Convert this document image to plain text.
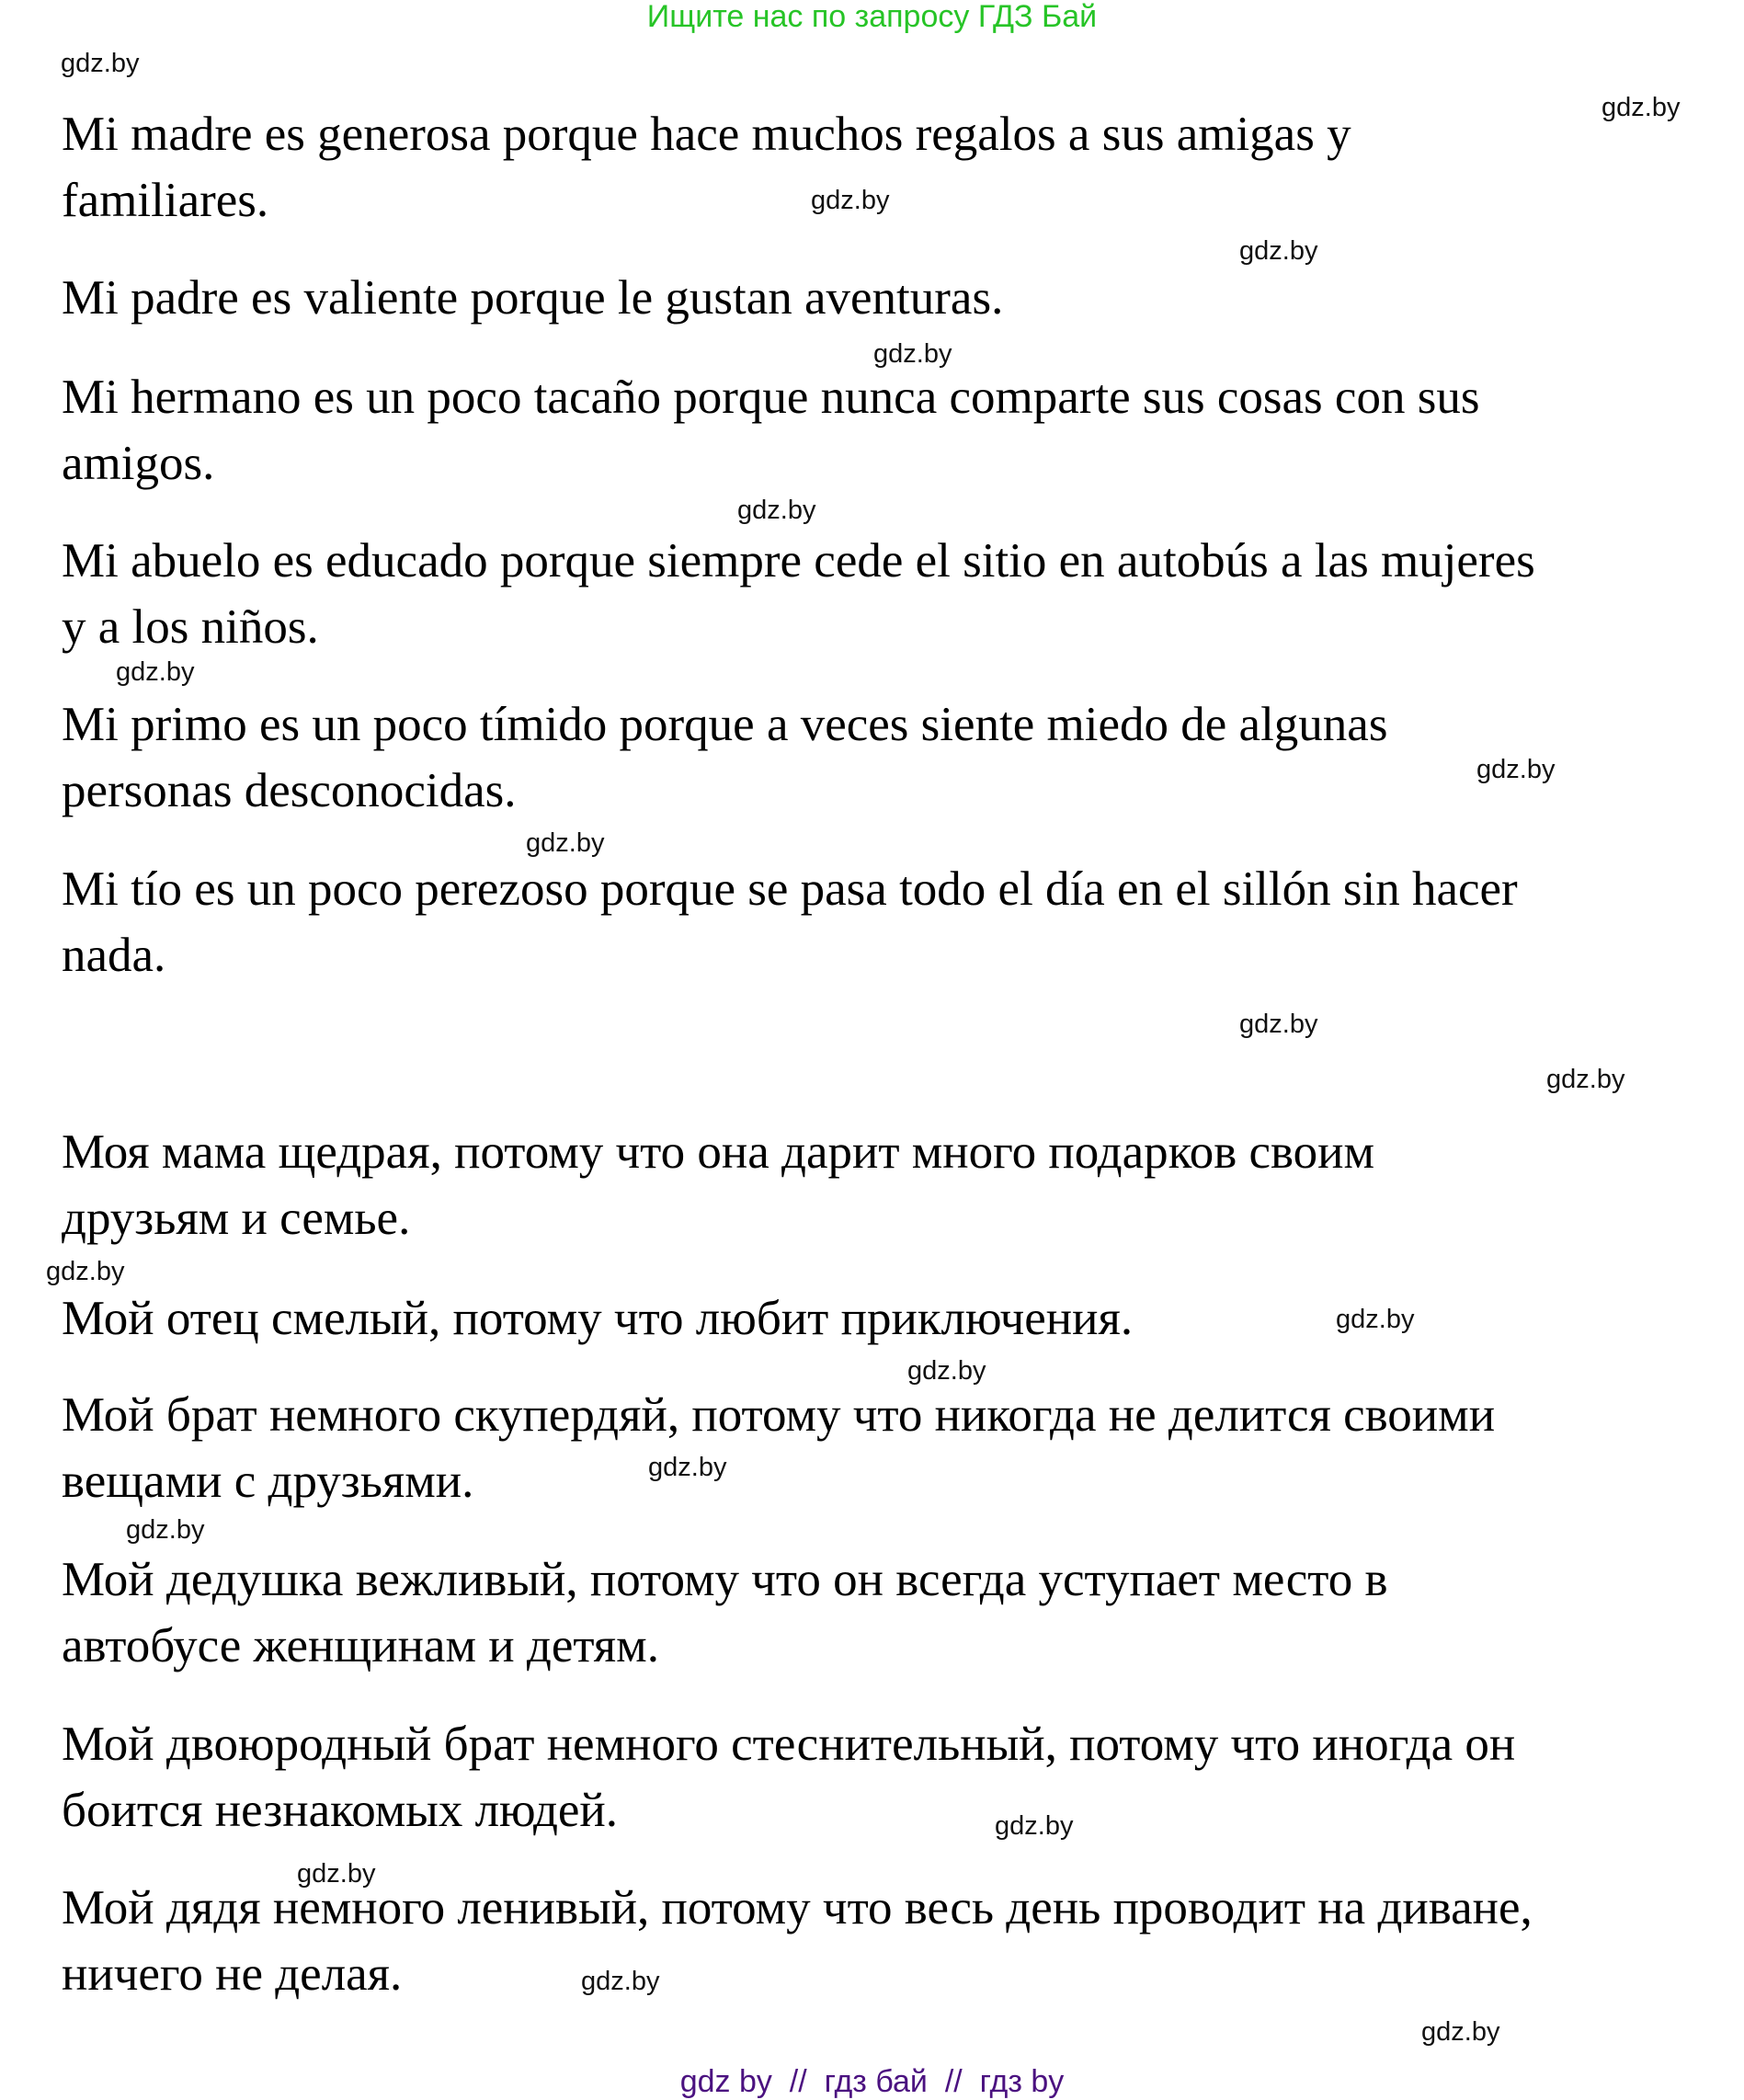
Ищите нас по запросу ГДЗ Бай
Mi madre es generosa porque hace muchos regalos a sus amigas y
familiares.
Mi padre es valiente porque le gustan aventuras.
Mi hermano es un poco tacaño porque nunca comparte sus cosas con sus
amigos.
Mi abuelo es educado porque siempre cede el sitio en autobús a las mujeres
y a los niños.
Mi primo es un poco tímido porque a veces siente miedo de algunas
personas desconocidas.
Mi tío es un poco perezoso porque se pasa todo el día en el sillón sin hacer
nada.
Моя мама щедрая, потому что она дарит много подарков своим
друзьям и семье.
Мой отец смелый, потому что любит приключения.
Мой брат немного скупердяй, потому что никогда не делится своими
вещами с друзьями.
Мой дедушка вежливый, потому что он всегда уступает место в
автобусе женщинам и детям.
Мой двоюродный брат немного стеснительный, потому что иногда он
боится незнакомых людей.
Мой дядя немного ленивый, потому что весь день проводит на диване,
ничего не делая.
gdz.by
gdz.by
gdz.by
gdz.by
gdz.by
gdz.by
gdz.by
gdz.by
gdz.by
gdz.by
gdz.by
gdz.by
gdz.by
gdz.by
gdz.by
gdz.by
gdz.by
gdz.by
gdz.by
gdz.by
gdz by  //  гдз бай  //  гдз by
